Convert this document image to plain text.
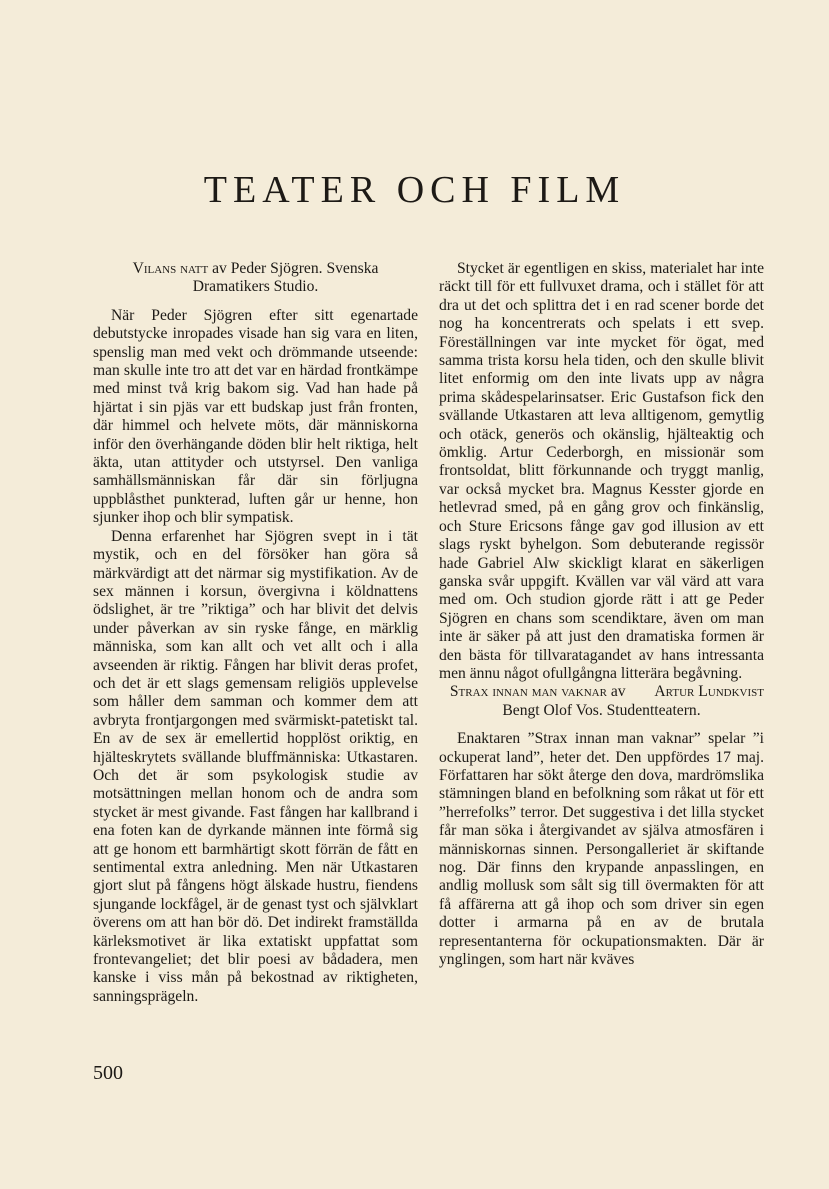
TEATER OCH FILM

Vilans natt av Peder Sjögren. Svenska Dramatikers Studio.

När Peder Sjögren efter sitt egenartade debutstycke inropades visade han sig vara en liten, spenslig man med vekt och drömmande utseende: man skulle inte tro att det var en härdad frontkämpe med minst två krig bakom sig. Vad han hade på hjärtat i sin pjäs var ett budskap just från fronten, där himmel och helvete möts, där människorna inför den överhängande döden blir helt riktiga, helt äkta, utan attityder och utstyrsel. Den vanliga samhällsmänniskan får där sin förljugna uppblåsthet punkterad, luften går ur henne, hon sjunker ihop och blir sympatisk.

Denna erfarenhet har Sjögren svept in i tät mystik, och en del försöker han göra så märkvärdigt att det närmar sig mystifikation. Av de sex männen i korsun, övergivna i köldnattens ödslighet, är tre ”riktiga” och har blivit det delvis under påverkan av sin ryske fånge, en märklig människa, som kan allt och vet allt och i alla avseenden är riktig. Fången har blivit deras profet, och det är ett slags gemensam religiös upplevelse som håller dem samman och kommer dem att avbryta frontjargongen med svärmiskt-patetiskt tal. En av de sex är emellertid hopplöst oriktig, en hjälteskrytets svällande bluffmänniska: Utkastaren. Och det är som psykologisk studie av motsättningen mellan honom och de andra som stycket är mest givande. Fast fången har kallbrand i ena foten kan de dyrkande männen inte förmå sig att ge honom ett barmhärtigt skott förrän de fått en sentimental extra anledning. Men när Utkastaren gjort slut på fångens högt älskade hustru, fiendens sjungande lockfågel, är de genast tyst och självklart överens om att han bör dö. Det indirekt framställda kärleksmotivet är lika extatiskt uppfattat som frontevangeliet; det blir poesi av bådadera, men kanske i viss mån på bekostnad av riktigheten, sanningsprägeln.

Stycket är egentligen en skiss, materialet har inte räckt till för ett fullvuxet drama, och i stället för att dra ut det och splittra det i en rad scener borde det nog ha koncentrerats och spelats i ett svep. Föreställningen var inte mycket för ögat, med samma trista korsu hela tiden, och den skulle blivit litet enformig om den inte livats upp av några prima skådespelarinsatser. Eric Gustafson fick den svällande Utkastaren att leva alltigenom, gemytlig och otäck, generös och okänslig, hjälteaktig och ömklig. Artur Cederborgh, en missionär som frontsoldat, blitt förkunnande och tryggt manlig, var också mycket bra. Magnus Kesster gjorde en hetlevrad smed, på en gång grov och finkänslig, och Sture Ericsons fånge gav god illusion av ett slags ryskt byhelgon. Som debuterande regissör hade Gabriel Alw skickligt klarat en säkerligen ganska svår uppgift. Kvällen var väl värd att vara med om. Och studion gjorde rätt i att ge Peder Sjögren en chans som scendiktare, även om man inte är säker på att just den dramatiska formen är den bästa för tillvaratagandet av hans intressanta men ännu något ofullgångna litterära begåvning.
Artur Lundkvist

Strax innan man vaknar av Bengt Olof Vos. Studentteatern.

Enaktaren ”Strax innan man vaknar” spelar ”i ockuperat land”, heter det. Den uppfördes 17 maj. Författaren har sökt återge den dova, mardrömslika stämningen bland en befolkning som råkat ut för ett ”herrefolks” terror. Det suggestiva i det lilla stycket får man söka i återgivandet av själva atmosfären i människornas sinnen. Persongalleriet är skiftande nog. Där finns den krypande anpasslingen, en andlig mollusk som sålt sig till övermakten för att få affärerna att gå ihop och som driver sin egen dotter i armarna på en av de brutala representanterna för ockupationsmakten. Där är ynglingen, som hart när kväves

500
